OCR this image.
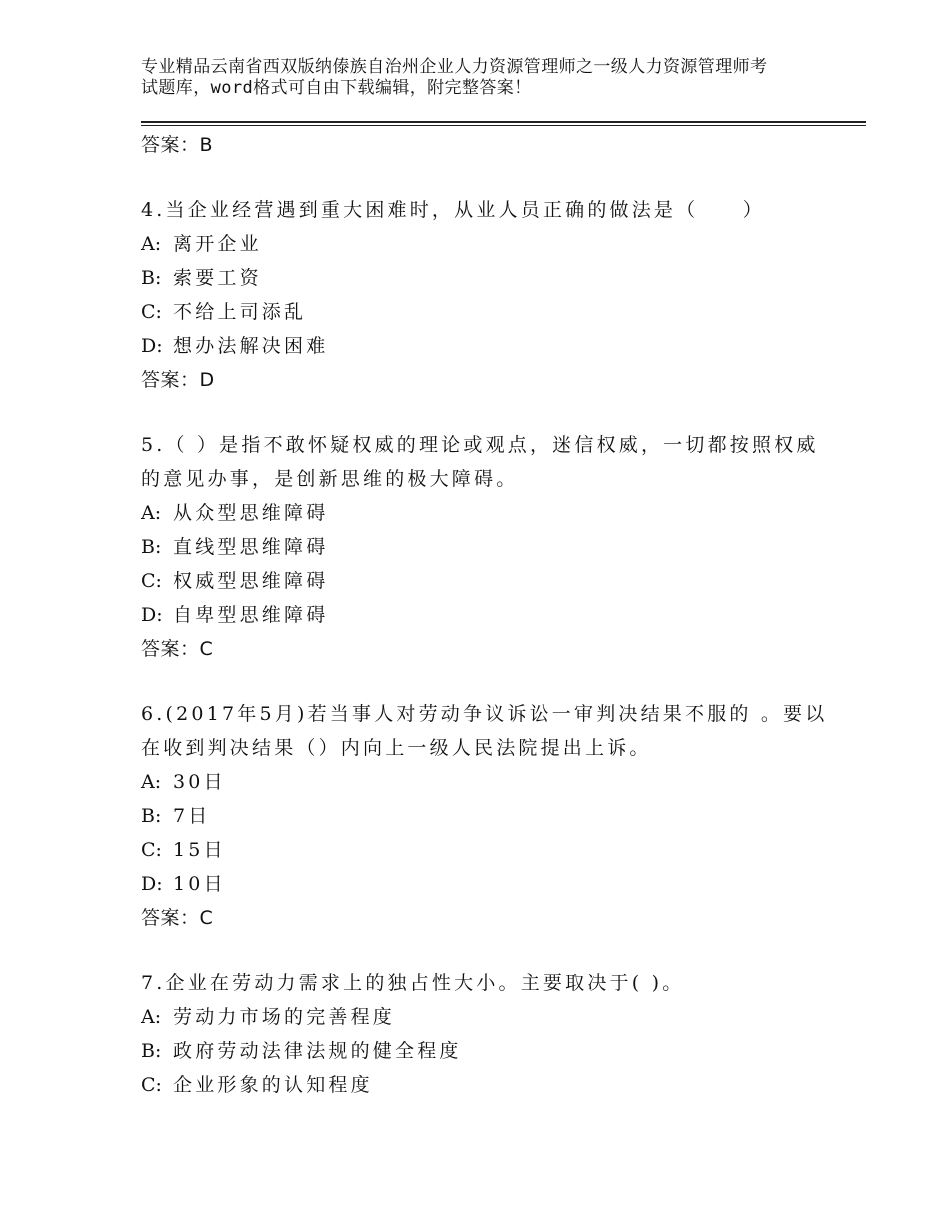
专业精品云南省西双版纳傣族自治州企业人力资源管理师之一级人力资源管理师考
试题库，word格式可自由下载编辑，附完整答案！
答案：B
4.当企业经营遇到重大困难时，从业人员正确的做法是（　　）
A: 离开企业
B: 索要工资
C: 不给上司添乱
D: 想办法解决困难
答案：D
5.（ ）是指不敢怀疑权威的理论或观点，迷信权威，一切都按照权威
的意见办事，是创新思维的极大障碍。
A: 从众型思维障碍
B: 直线型思维障碍
C: 权威型思维障碍
D: 自卑型思维障碍
答案：C
6.(2017年5月)若当事人对劳动争议诉讼一审判决结果不服的 。要以
在收到判决结果（）内向上一级人民法院提出上诉。
A: 30日
B: 7日
C: 15日
D: 10日
答案：C
7.企业在劳动力需求上的独占性大小。主要取决于( )。
A: 劳动力市场的完善程度
B: 政府劳动法律法规的健全程度
C: 企业形象的认知程度
